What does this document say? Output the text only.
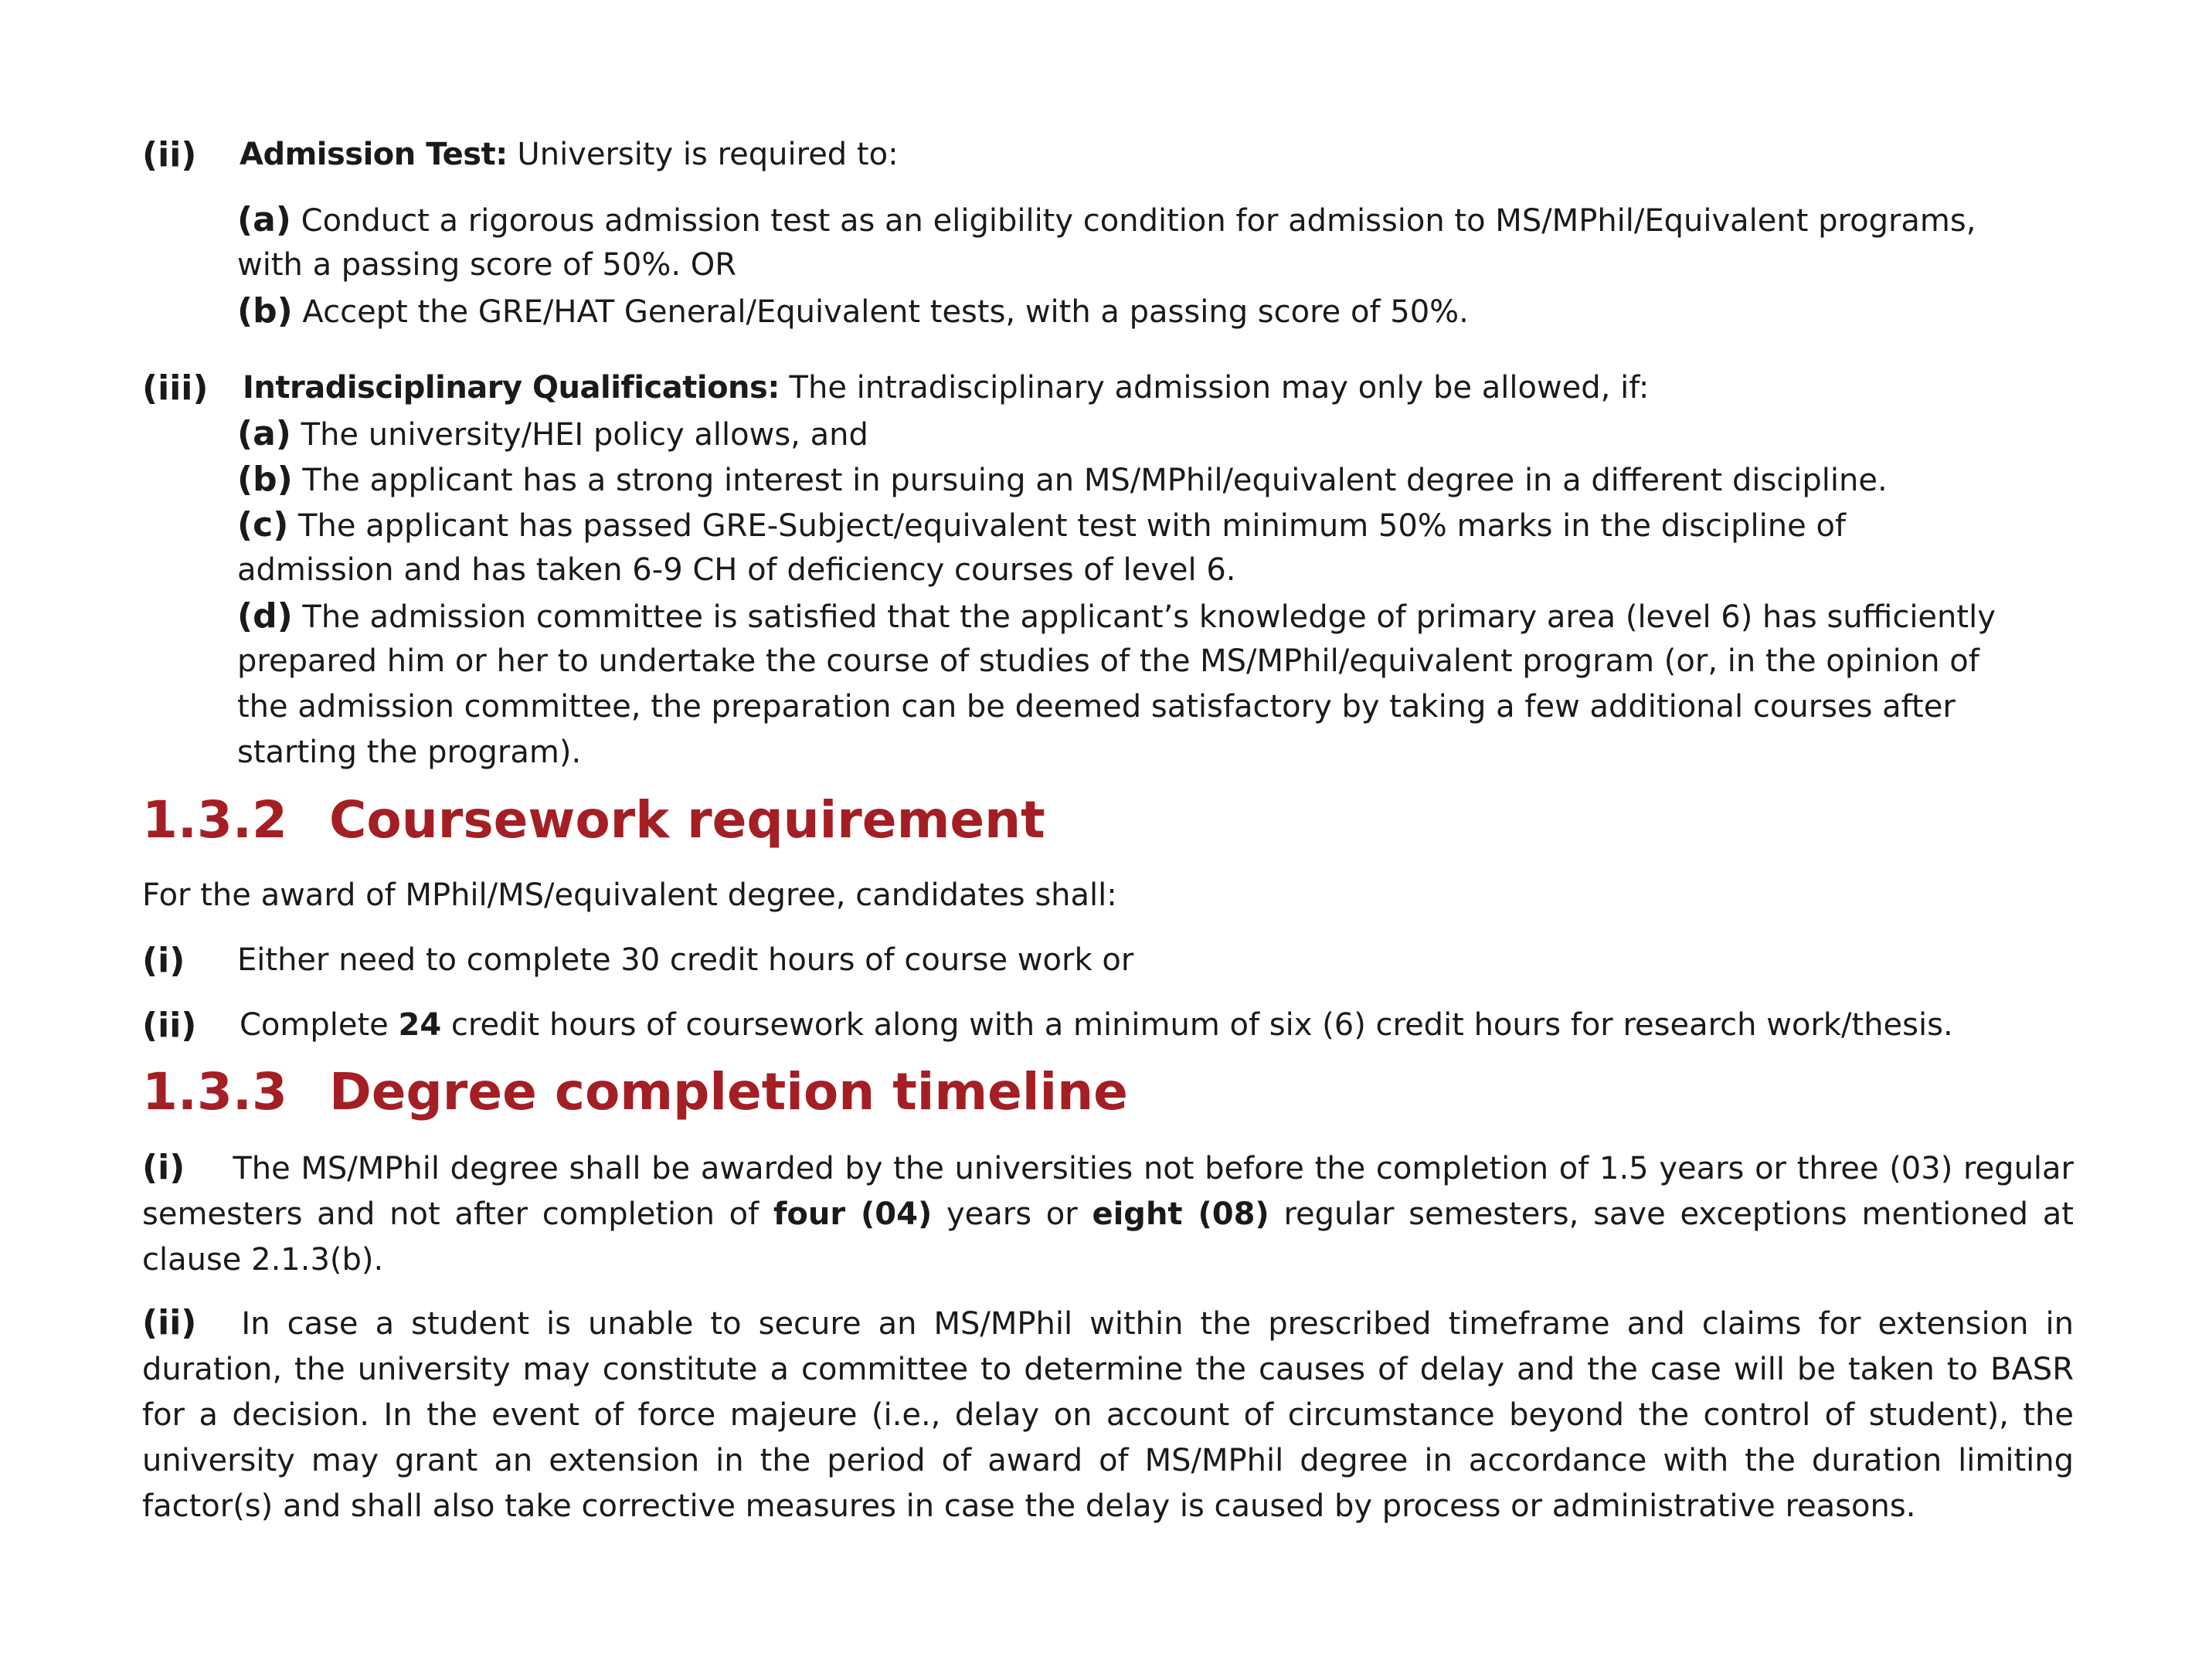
(ii) Admission Test: University is required to:
(a) Conduct a rigorous admission test as an eligibility condition for admission to MS/MPhil/Equivalent programs,
with a passing score of 50%. OR
(b) Accept the GRE/HAT General/Equivalent tests, with a passing score of 50%.
(iii) Intradisciplinary Qualifications: The intradisciplinary admission may only be allowed, if:
(a) The university/HEI policy allows, and
(b) The applicant has a strong interest in pursuing an MS/MPhil/equivalent degree in a different discipline.
(c) The applicant has passed GRE-Subject/equivalent test with minimum 50% marks in the discipline of
admission and has taken 6-9 CH of deficiency courses of level 6.
(d) The admission committee is satisfied that the applicant’s knowledge of primary area (level 6) has sufficiently
prepared him or her to undertake the course of studies of the MS/MPhil/equivalent program (or, in the opinion of
the admission committee, the preparation can be deemed satisfactory by taking a few additional courses after
starting the program).
1.3.2 Coursework requirement
For the award of MPhil/MS/equivalent degree, candidates shall:
(i) Either need to complete 30 credit hours of course work or
(ii) Complete 24 credit hours of coursework along with a minimum of six (6) credit hours for research work/thesis.
1.3.3 Degree completion timeline
(i) The MS/MPhil degree shall be awarded by the universities not before the completion of 1.5 years or three (03) regular semesters and not after completion of four (04) years or eight (08) regular semesters, save exceptions mentioned at clause 2.1.3(b).
(ii) In case a student is unable to secure an MS/MPhil within the prescribed timeframe and claims for extension in duration, the university may constitute a committee to determine the causes of delay and the case will be taken to BASR for a decision. In the event of force majeure (i.e., delay on account of circumstance beyond the control of student), the university may grant an extension in the period of award of MS/MPhil degree in accordance with the duration limiting factor(s) and shall also take corrective measures in case the delay is caused by process or administrative reasons.
